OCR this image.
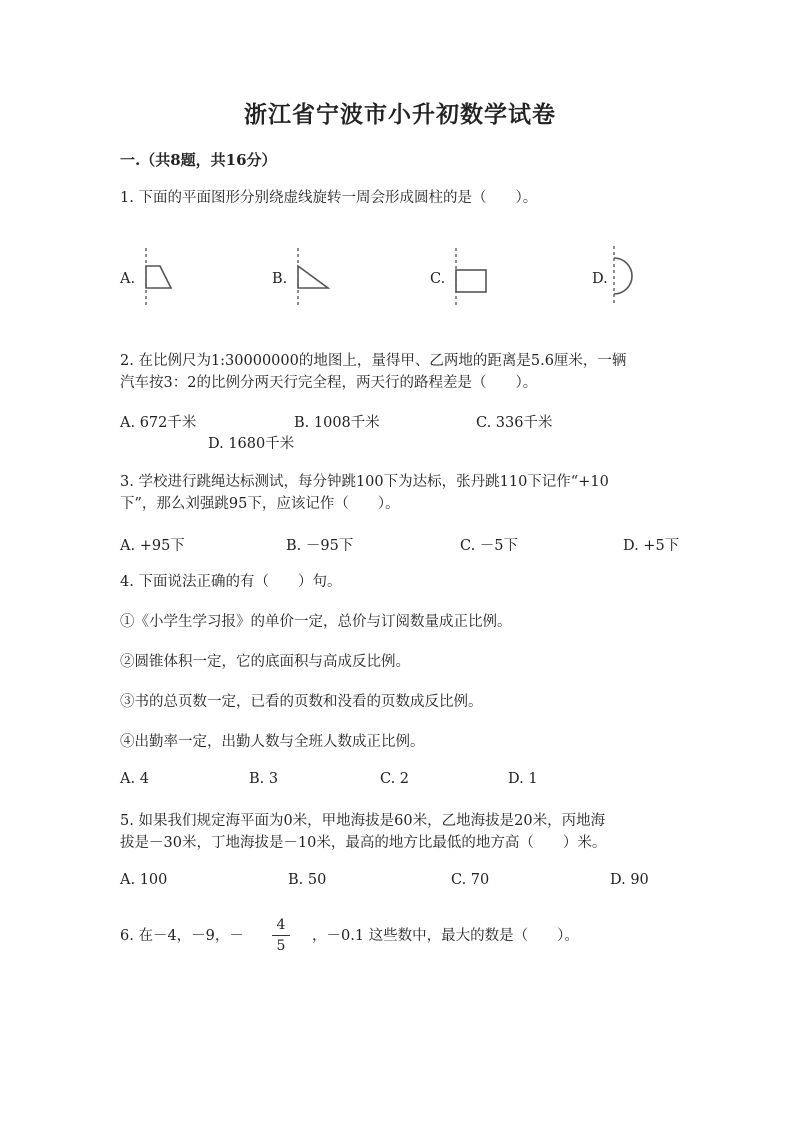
浙江省宁波市小升初数学试卷
一.（共8题，共16分）
1. 下面的平面图形分别绕虚线旋转一周会形成圆柱的是（　　）。
A.	B.	C.	D.
2. 在比例尺为1:30000000的地图上，量得甲、乙两地的距离是5.6厘米，一辆
汽车按3：2的比例分两天行完全程，两天行的路程差是（　　）。
A. 672千米	B. 1008千米	C. 336千米
D. 1680千米
3. 学校进行跳绳达标测试，每分钟跳100下为达标，张丹跳110下记作“+10
下”，那么刘强跳95下，应该记作（　　）。
A. +95下	B. －95下	C. －5下	D. +5下
4. 下面说法正确的有（　　）句。
①《小学生学习报》的单价一定，总价与订阅数量成正比例。
②圆锥体积一定，它的底面积与高成反比例。
③书的总页数一定，已看的页数和没看的页数成反比例。
④出勤率一定，出勤人数与全班人数成正比例。
A. 4	B. 3	C. 2	D. 1
5. 如果我们规定海平面为0米，甲地海拔是60米，乙地海拔是20米，丙地海
拔是－30米，丁地海拔是－10米，最高的地方比最低的地方高（　　）米。
A. 100	B. 50	C. 70	D. 90
6. 在－4，－9，－
4
5
，－0.1 这些数中，最大的数是（　　）。
